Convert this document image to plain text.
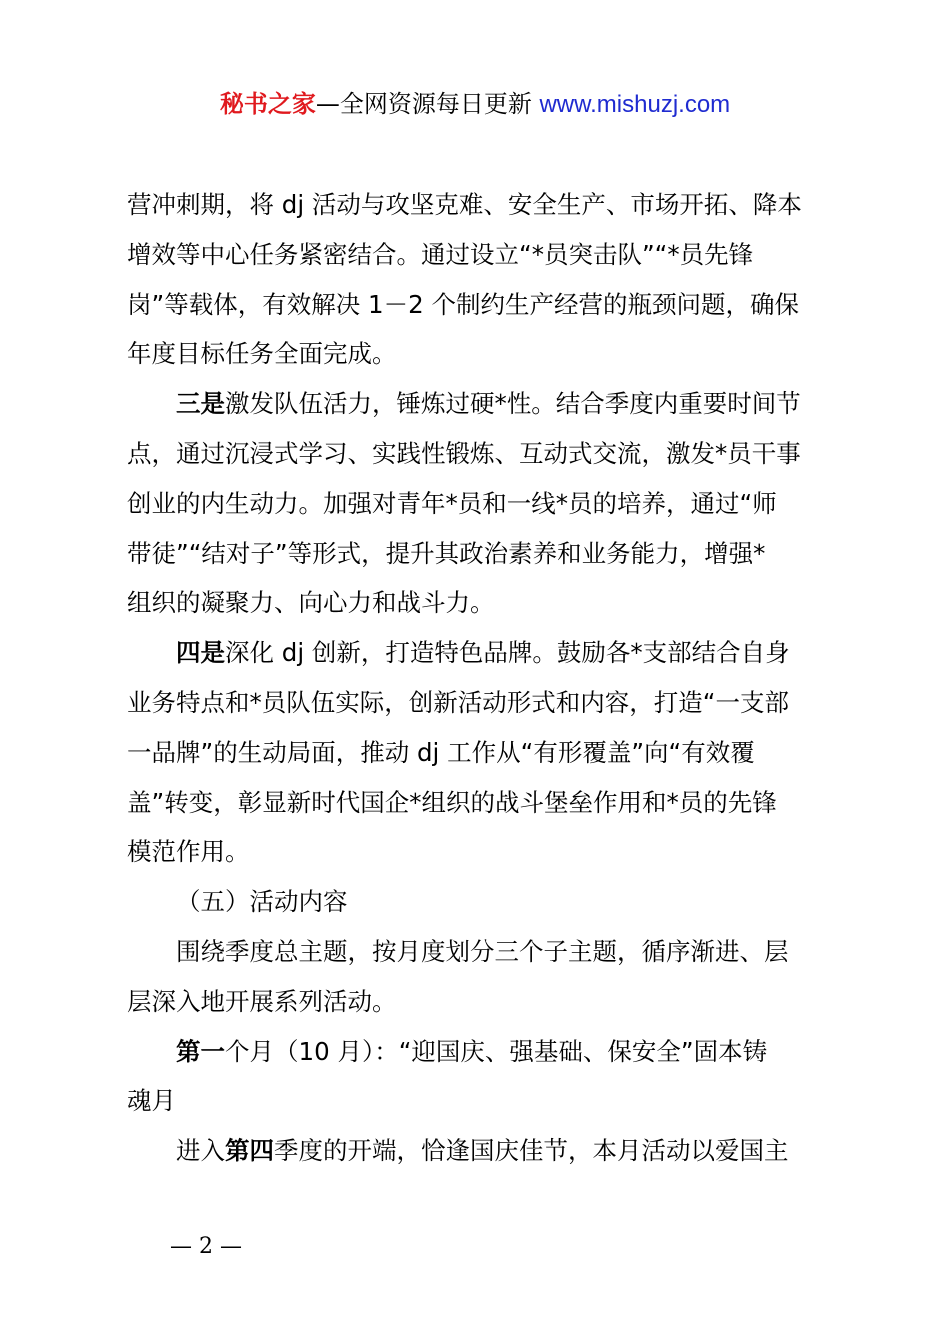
秘书之家—全网资源每日更新 www.mishuzj.com
营冲刺期，将 dj 活动与攻坚克难、安全生产、市场开拓、降本
增效等中心任务紧密结合。通过设立“*员突击队”“*员先锋
岗”等载体，有效解决 1－2 个制约生产经营的瓶颈问题，确保
年度目标任务全面完成。
三是激发队伍活力，锤炼过硬*性。结合季度内重要时间节
点，通过沉浸式学习、实践性锻炼、互动式交流，激发*员干事
创业的内生动力。加强对青年*员和一线*员的培养，通过“师
带徒”“结对子”等形式，提升其政治素养和业务能力，增强*
组织的凝聚力、向心力和战斗力。
四是深化 dj 创新，打造特色品牌。鼓励各*支部结合自身
业务特点和*员队伍实际，创新活动形式和内容，打造“一支部
一品牌”的生动局面，推动 dj 工作从“有形覆盖”向“有效覆
盖”转变，彰显新时代国企*组织的战斗堡垒作用和*员的先锋
模范作用。
（五）活动内容
围绕季度总主题，按月度划分三个子主题，循序渐进、层
层深入地开展系列活动。
第一个月（10 月）：“迎国庆、强基础、保安全”固本铸
魂月
进入第四季度的开端，恰逢国庆佳节，本月活动以爱国主
— 2 —
